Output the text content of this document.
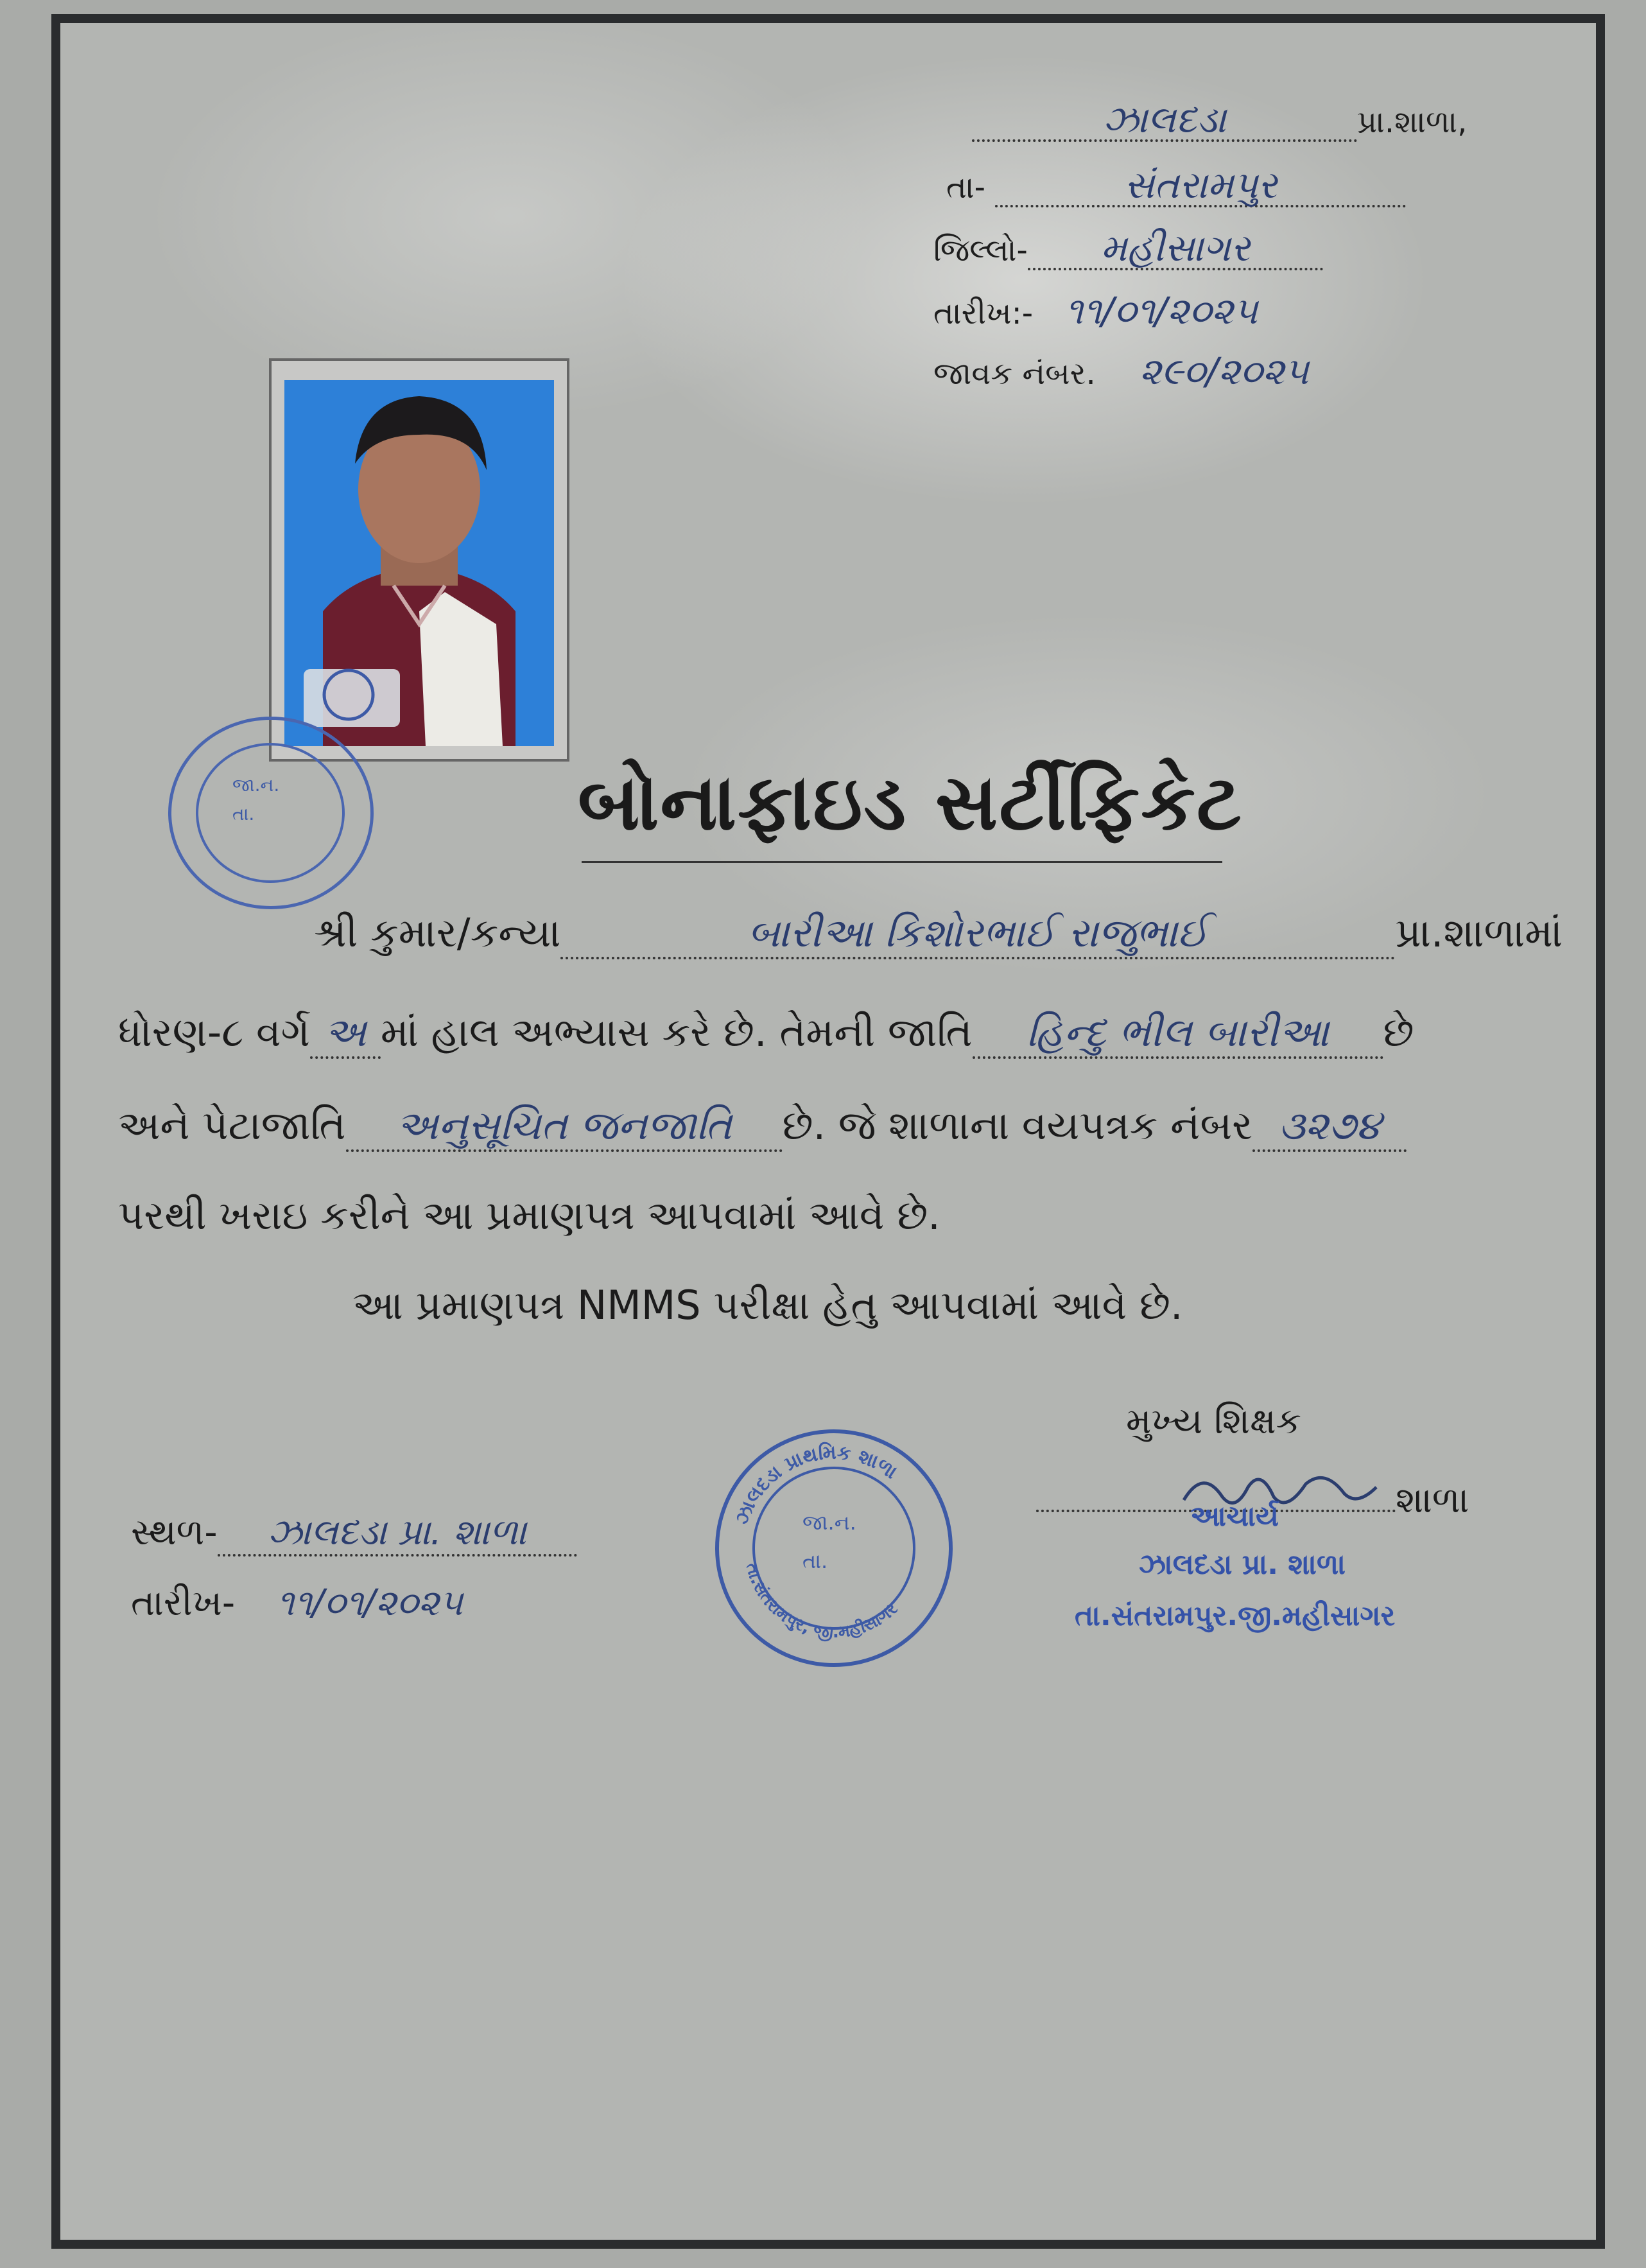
ઝાલદડા	પ્રા.શાળા,
તા-	સંતરામપુર
જિલ્લો- મહીસાગર
તારીખ:- ૧૧/૦૧/૨૦૨૫
જાવક નંબર. ૨૯૦/૨૦૨૫
જા.ન.
તા.	બોનાફાઇડ સર્ટીફિકેટ
શ્રી કુમાર/કન્યા	બારીઆ કિશોરભાઈ રાજુભાઈ	પ્રા.શાળામાં
ધોરણ-૮ વર્ગ અ માં હાલ અભ્યાસ કરે છે. તેમની જાતિ હિન્દુ ભીલ બારીઆ છે
અને પેટાજાતિ અનુસૂચિત જનજાતિ છે. જે શાળાના વયપત્રક નંબર ૩૨૭૪
પરથી ખરાઇ કરીને આ પ્રમાણપત્ર આપવામાં આવે છે.
આ પ્રમાણપત્ર NMMS પરીક્ષા હેતુ આપવામાં આવે છે.
મુખ્ય શિક્ષક
શાળા
આચાર્ય
ઝાલદડા પ્રા. શાળા
તા.સંતરામપુર.જી.મહીસાગર
ઝાલદડા પ્રાથમિક શાળા
તા.સંતરામપુર, જી.મહીસાગર
જા.ન.
તા.
સ્થળ- ઝાલદડા પ્રા. શાળા
તારીખ- ૧૧/૦૧/૨૦૨૫
